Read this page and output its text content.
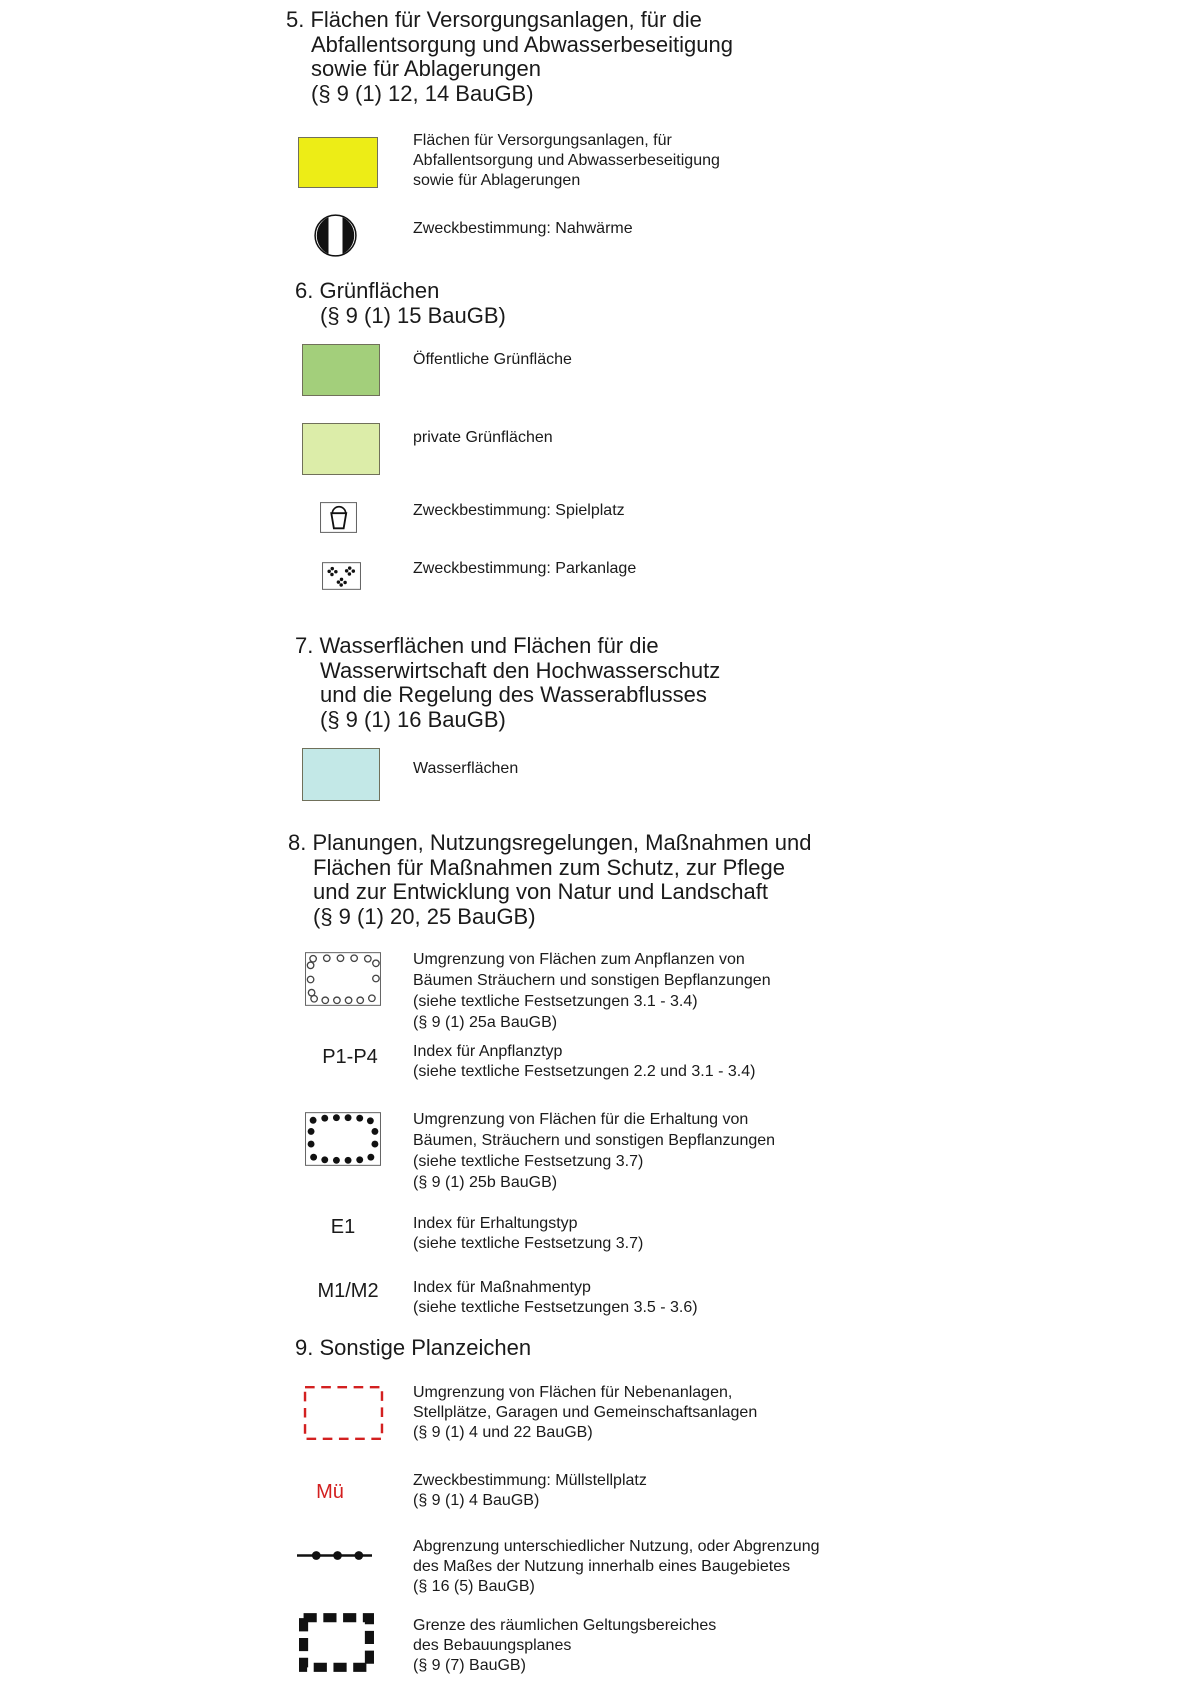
5. Flächen für Versorgungsanlagen, für die
Abfallentsorgung und Abwasserbeseitigung
sowie für Ablagerungen
(§ 9 (1) 12, 14 BauGB)
Flächen für Versorgungsanlagen, für
Abfallentsorgung und Abwasserbeseitigung
sowie für Ablagerungen
Zweckbestimmung: Nahwärme
6. Grünflächen
(§ 9 (1) 15 BauGB)
Öffentliche Grünfläche
private Grünflächen
Zweckbestimmung: Spielplatz
Zweckbestimmung: Parkanlage
7. Wasserflächen und Flächen für die
Wasserwirtschaft den Hochwasserschutz
und die Regelung des Wasserabflusses
(§ 9 (1) 16 BauGB)
Wasserflächen
8. Planungen, Nutzungsregelungen, Maßnahmen und
Flächen für Maßnahmen zum Schutz, zur Pflege
und zur Entwicklung von Natur und Landschaft
(§ 9 (1) 20, 25 BauGB)
Umgrenzung von Flächen zum Anpflanzen von
Bäumen Sträuchern und sonstigen Bepflanzungen
(siehe textliche Festsetzungen 3.1 - 3.4)
(§ 9 (1) 25a BauGB)
P1-P4	Index für Anpflanztyp
(siehe textliche Festsetzungen 2.2 und 3.1 - 3.4)
Umgrenzung von Flächen für die Erhaltung von
Bäumen, Sträuchern und sonstigen Bepflanzungen
(siehe textliche Festsetzung 3.7)
(§ 9 (1) 25b BauGB)
E1	Index für Erhaltungstyp
(siehe textliche Festsetzung 3.7)
M1/M2 Index für Maßnahmentyp
(siehe textliche Festsetzungen 3.5 - 3.6)
9. Sonstige Planzeichen
Umgrenzung von Flächen für Nebenanlagen,
Stellplätze, Garagen und Gemeinschaftsanlagen
(§ 9 (1) 4 und 22 BauGB)
Mü
Zweckbestimmung: Müllstellplatz
(§ 9 (1) 4 BauGB)
Abgrenzung unterschiedlicher Nutzung, oder Abgrenzung
des Maßes der Nutzung innerhalb eines Baugebietes
(§ 16 (5) BauGB)
Grenze des räumlichen Geltungsbereiches
des Bebauungsplanes
(§ 9 (7) BauGB)
